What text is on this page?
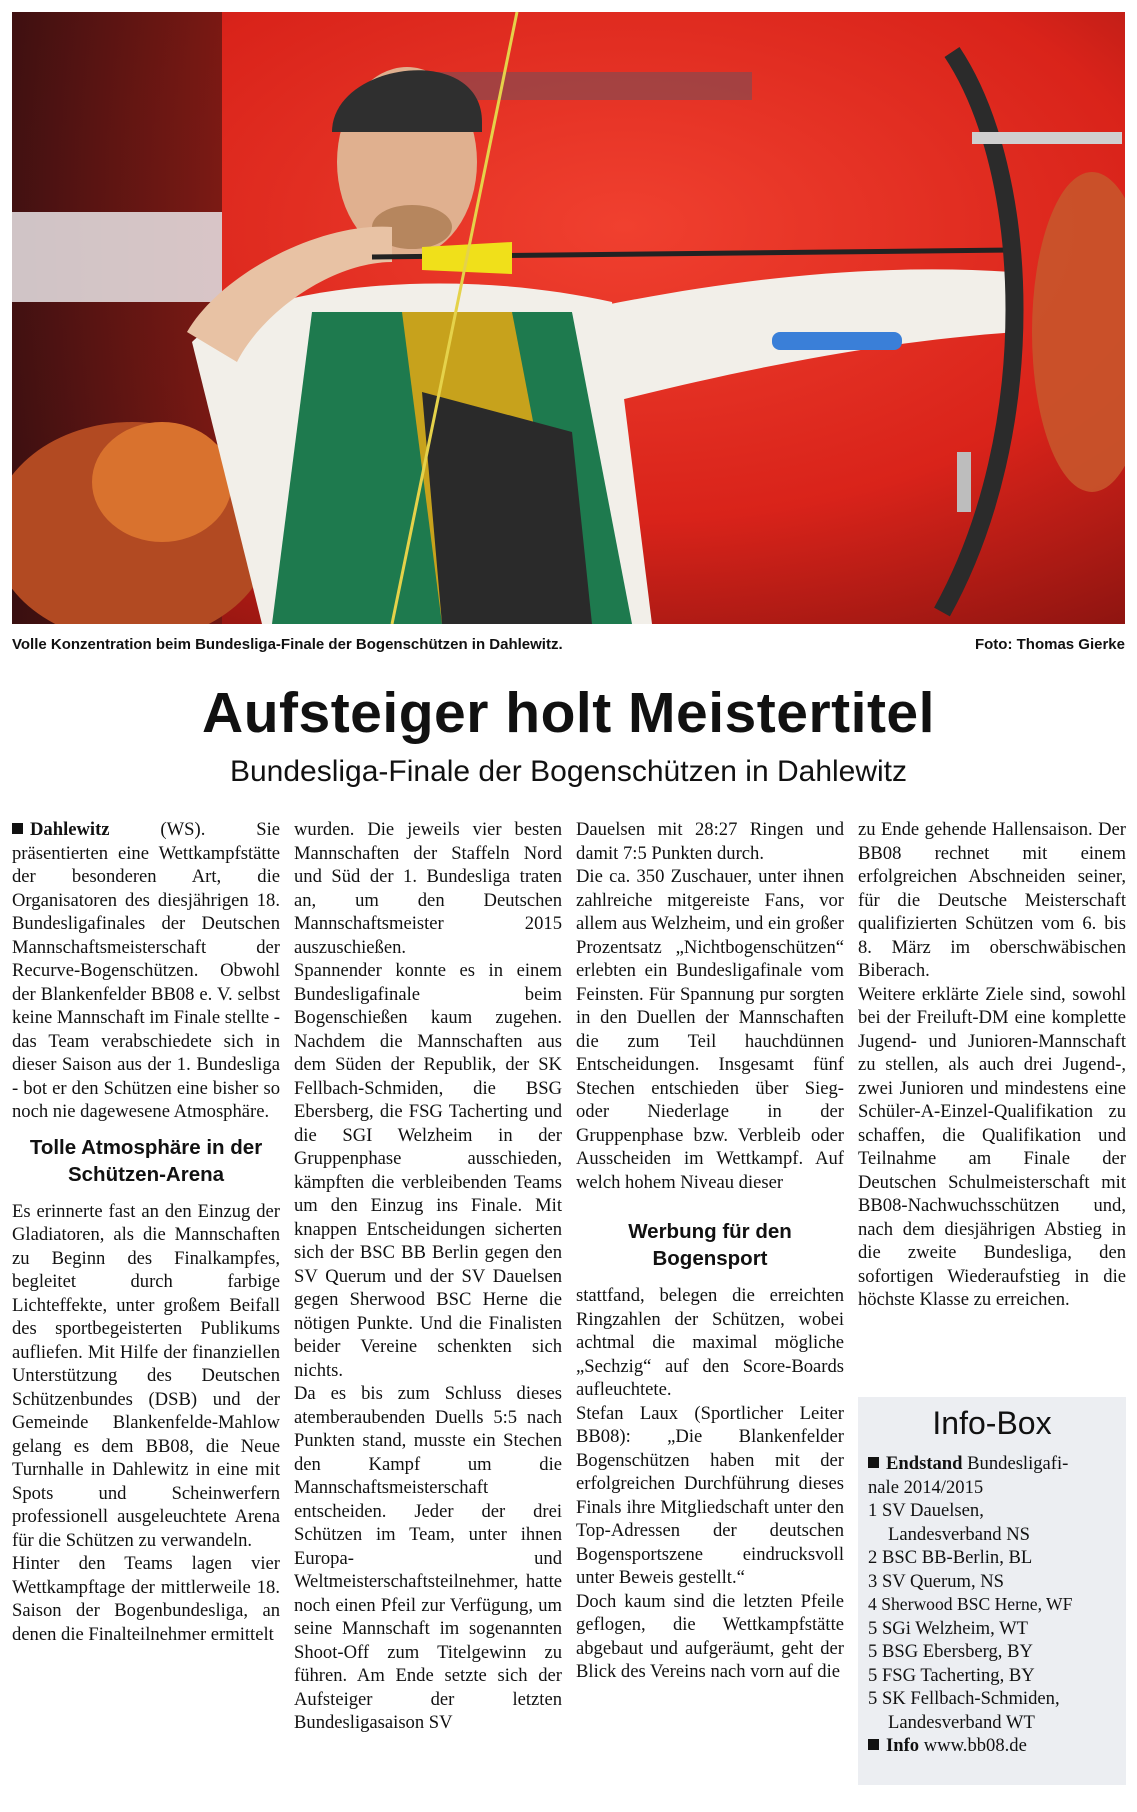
Volle Konzentration beim Bundesliga-Finale der Bogenschützen in Dahlewitz.	Foto: Thomas Gierke
Aufsteiger holt Meistertitel
Bundesliga-Finale der Bogenschützen in Dahlewitz

Dahlewitz (WS). Sie präsentierten eine Wettkampfstätte der besonderen Art, die Organisatoren des diesjährigen 18. Bundesligafinales der Deutschen Mannschaftsmeisterschaft der Recurve-Bogenschützen. Obwohl der Blankenfelder BB08 e. V. selbst keine Mannschaft im Finale stellte - das Team verabschiedete sich in dieser Saison aus der 1. Bundesliga - bot er den Schützen eine bisher so noch nie dagewesene Atmosphäre.

Tolle Atmosphäre in der Schützen-Arena

Es erinnerte fast an den Einzug der Gladiatoren, als die Mannschaften zu Beginn des Finalkampfes, begleitet durch farbige Lichteffekte, unter großem Beifall des sportbegeisterten Publikums aufliefen. Mit Hilfe der finanziellen Unterstützung des Deutschen Schützenbundes (DSB) und der Gemeinde Blankenfelde-Mahlow gelang es dem BB08, die Neue Turnhalle in Dahlewitz in eine mit Spots und Scheinwerfern professionell ausgeleuchtete Arena für die Schützen zu verwandeln.

Hinter den Teams lagen vier Wettkampftage der mittlerweile 18. Saison der Bogenbundesliga, an denen die Finalteilnehmer ermittelt

wurden. Die jeweils vier besten Mannschaften der Staffeln Nord und Süd der 1. Bundesliga traten an, um den Deutschen Mannschaftsmeister 2015 auszuschießen.

Spannender konnte es in einem Bundesligafinale beim Bogenschießen kaum zugehen. Nachdem die Mannschaften aus dem Süden der Republik, der SK Fellbach-Schmiden, die BSG Ebersberg, die FSG Tacherting und die SGI Welzheim in der Gruppenphase ausschieden, kämpften die verbleibenden Teams um den Einzug ins Finale. Mit knappen Entscheidungen sicherten sich der BSC BB Berlin gegen den SV Querum und der SV Dauelsen gegen Sherwood BSC Herne die nötigen Punkte. Und die Finalisten beider Vereine schenkten sich nichts.

Da es bis zum Schluss dieses atemberaubenden Duells 5:5 nach Punkten stand, musste ein Stechen den Kampf um die Mannschaftsmeisterschaft entscheiden. Jeder der drei Schützen im Team, unter ihnen Europa- und Weltmeisterschaftsteilnehmer, hatte noch einen Pfeil zur Verfügung, um seine Mannschaft im sogenannten Shoot-Off zum Titelgewinn zu führen. Am Ende setzte sich der Aufsteiger der letzten Bundesligasaison SV

Dauelsen mit 28:27 Ringen und damit 7:5 Punkten durch.

Die ca. 350 Zuschauer, unter ihnen zahlreiche mitgereiste Fans, vor allem aus Welzheim, und ein großer Prozentsatz „Nichtbogenschützen“ erlebten ein Bundesligafinale vom Feinsten. Für Spannung pur sorgten in den Duellen der Mannschaften die zum Teil hauchdünnen Entscheidungen. Insgesamt fünf Stechen entschieden über Sieg- oder Niederlage in der Gruppenphase bzw. Verbleib oder Ausscheiden im Wettkampf. Auf welch hohem Niveau dieser

Werbung für den Bogensport

stattfand, belegen die erreichten Ringzahlen der Schützen, wobei achtmal die maximal mögliche „Sechzig“ auf den Score-Boards aufleuchtete.

Stefan Laux (Sportlicher Leiter BB08): „Die Blankenfelder Bogenschützen haben mit der erfolgreichen Durchführung dieses Finals ihre Mitgliedschaft unter den Top-Adressen der deutschen Bogensportszene eindrucksvoll unter Beweis gestellt.“

Doch kaum sind die letzten Pfeile geflogen, die Wettkampfstätte abgebaut und aufgeräumt, geht der Blick des Vereins nach vorn auf die

zu Ende gehende Hallensaison. Der BB08 rechnet mit einem erfolgreichen Abschneiden seiner, für die Deutsche Meisterschaft qualifizierten Schützen vom 6. bis 8. März im oberschwäbischen Biberach.

Weitere erklärte Ziele sind, sowohl bei der Freiluft-DM eine komplette Jugend- und Junioren-Mannschaft zu stellen, als auch drei Jugend-, zwei Junioren und mindestens eine Schüler-A-Einzel-Qualifikation zu schaffen, die Qualifikation und Teilnahme am Finale der Deutschen Schulmeisterschaft mit BB08-Nachwuchsschützen und, nach dem diesjährigen Abstieg in die zweite Bundesliga, den sofortigen Wiederaufstieg in die höchste Klasse zu erreichen.

Info-Box
Endstand Bundesligafi-
nale 2014/2015
1 SV Dauelsen,
Landesverband NS
2 BSC BB-Berlin, BL
3 SV Querum, NS
4 Sherwood BSC Herne, WF
5 SGi Welzheim, WT
5 BSG Ebersberg, BY
5 FSG Tacherting, BY
5 SK Fellbach-Schmiden,
Landesverband WT
Info www.bb08.de
